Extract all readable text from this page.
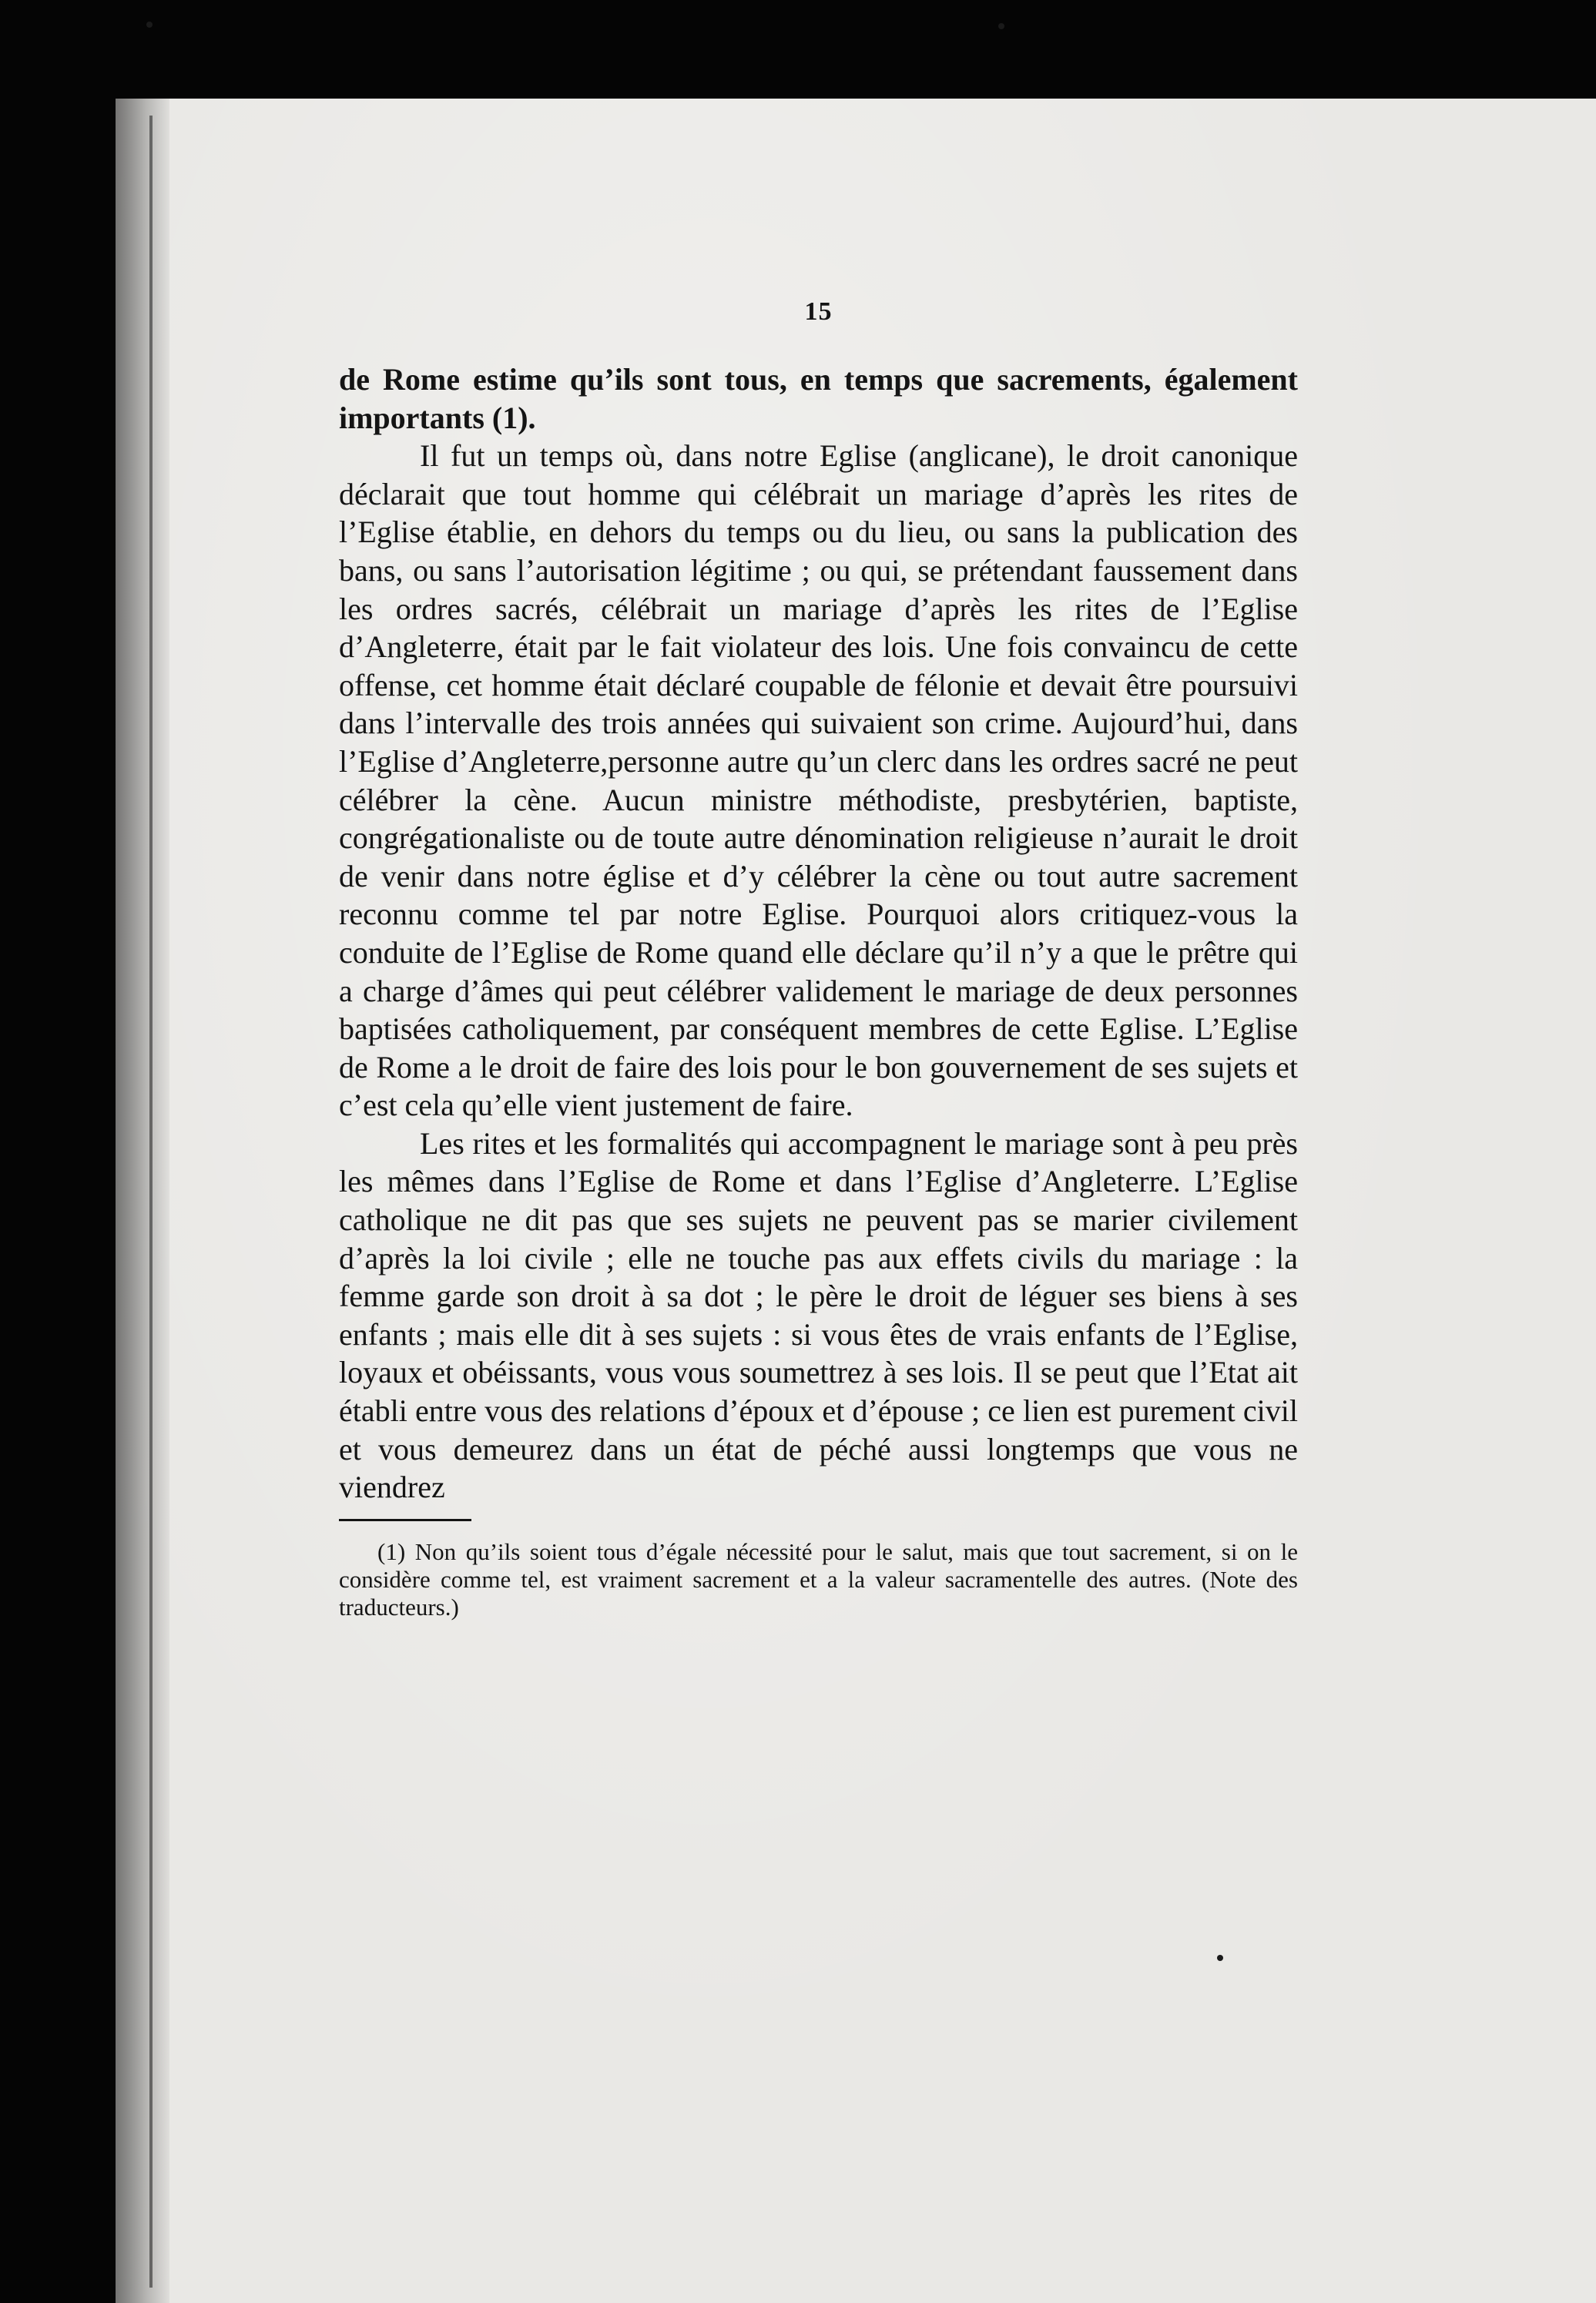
15

de Rome estime qu’ils sont tous, en temps que sacrements, également importants (1).

Il fut un temps où, dans notre Eglise (anglicane), le droit canonique déclarait que tout homme qui célébrait un mariage d’après les rites de l’Eglise établie, en dehors du temps ou du lieu, ou sans la publication des bans, ou sans l’autorisation légitime ; ou qui, se prétendant faussement dans les ordres sacrés, célébrait un mariage d’après les rites de l’Eglise d’Angleterre, était par le fait violateur des lois. Une fois convaincu de cette offense, cet homme était déclaré coupable de félonie et devait être poursuivi dans l’intervalle des trois années qui suivaient son crime. Aujourd’hui, dans l’Eglise d’Angleterre,personne autre qu’un clerc dans les ordres sacré ne peut célébrer la cène. Aucun ministre méthodiste, presbytérien, baptiste, congrégationaliste ou de toute autre dénomination religieuse n’aurait le droit de venir dans notre église et d’y célébrer la cène ou tout autre sacrement reconnu comme tel par notre Eglise. Pourquoi alors critiquez-vous la conduite de l’Eglise de Rome quand elle déclare qu’il n’y a que le prêtre qui a charge d’âmes qui peut célébrer validement le mariage de deux personnes baptisées catholiquement, par conséquent membres de cette Eglise. L’Eglise de Rome a le droit de faire des lois pour le bon gouvernement de ses sujets et c’est cela qu’elle vient justement de faire.

Les rites et les formalités qui accompagnent le mariage sont à peu près les mêmes dans l’Eglise de Rome et dans l’Eglise d’Angleterre. L’Eglise catholique ne dit pas que ses sujets ne peuvent pas se marier civilement d’après la loi civile ; elle ne touche pas aux effets civils du mariage : la femme garde son droit à sa dot ; le père le droit de léguer ses biens à ses enfants ; mais elle dit à ses sujets : si vous êtes de vrais enfants de l’Eglise, loyaux et obéissants, vous vous soumettrez à ses lois. Il se peut que l’Etat ait établi entre vous des relations d’époux et d’épouse ; ce lien est purement civil et vous demeurez dans un état de péché aussi longtemps que vous ne viendrez

(1) Non qu’ils soient tous d’égale nécessité pour le salut, mais que tout sacrement, si on le considère comme tel, est vraiment sacrement et a la valeur sacramentelle des autres. (Note des traducteurs.)
